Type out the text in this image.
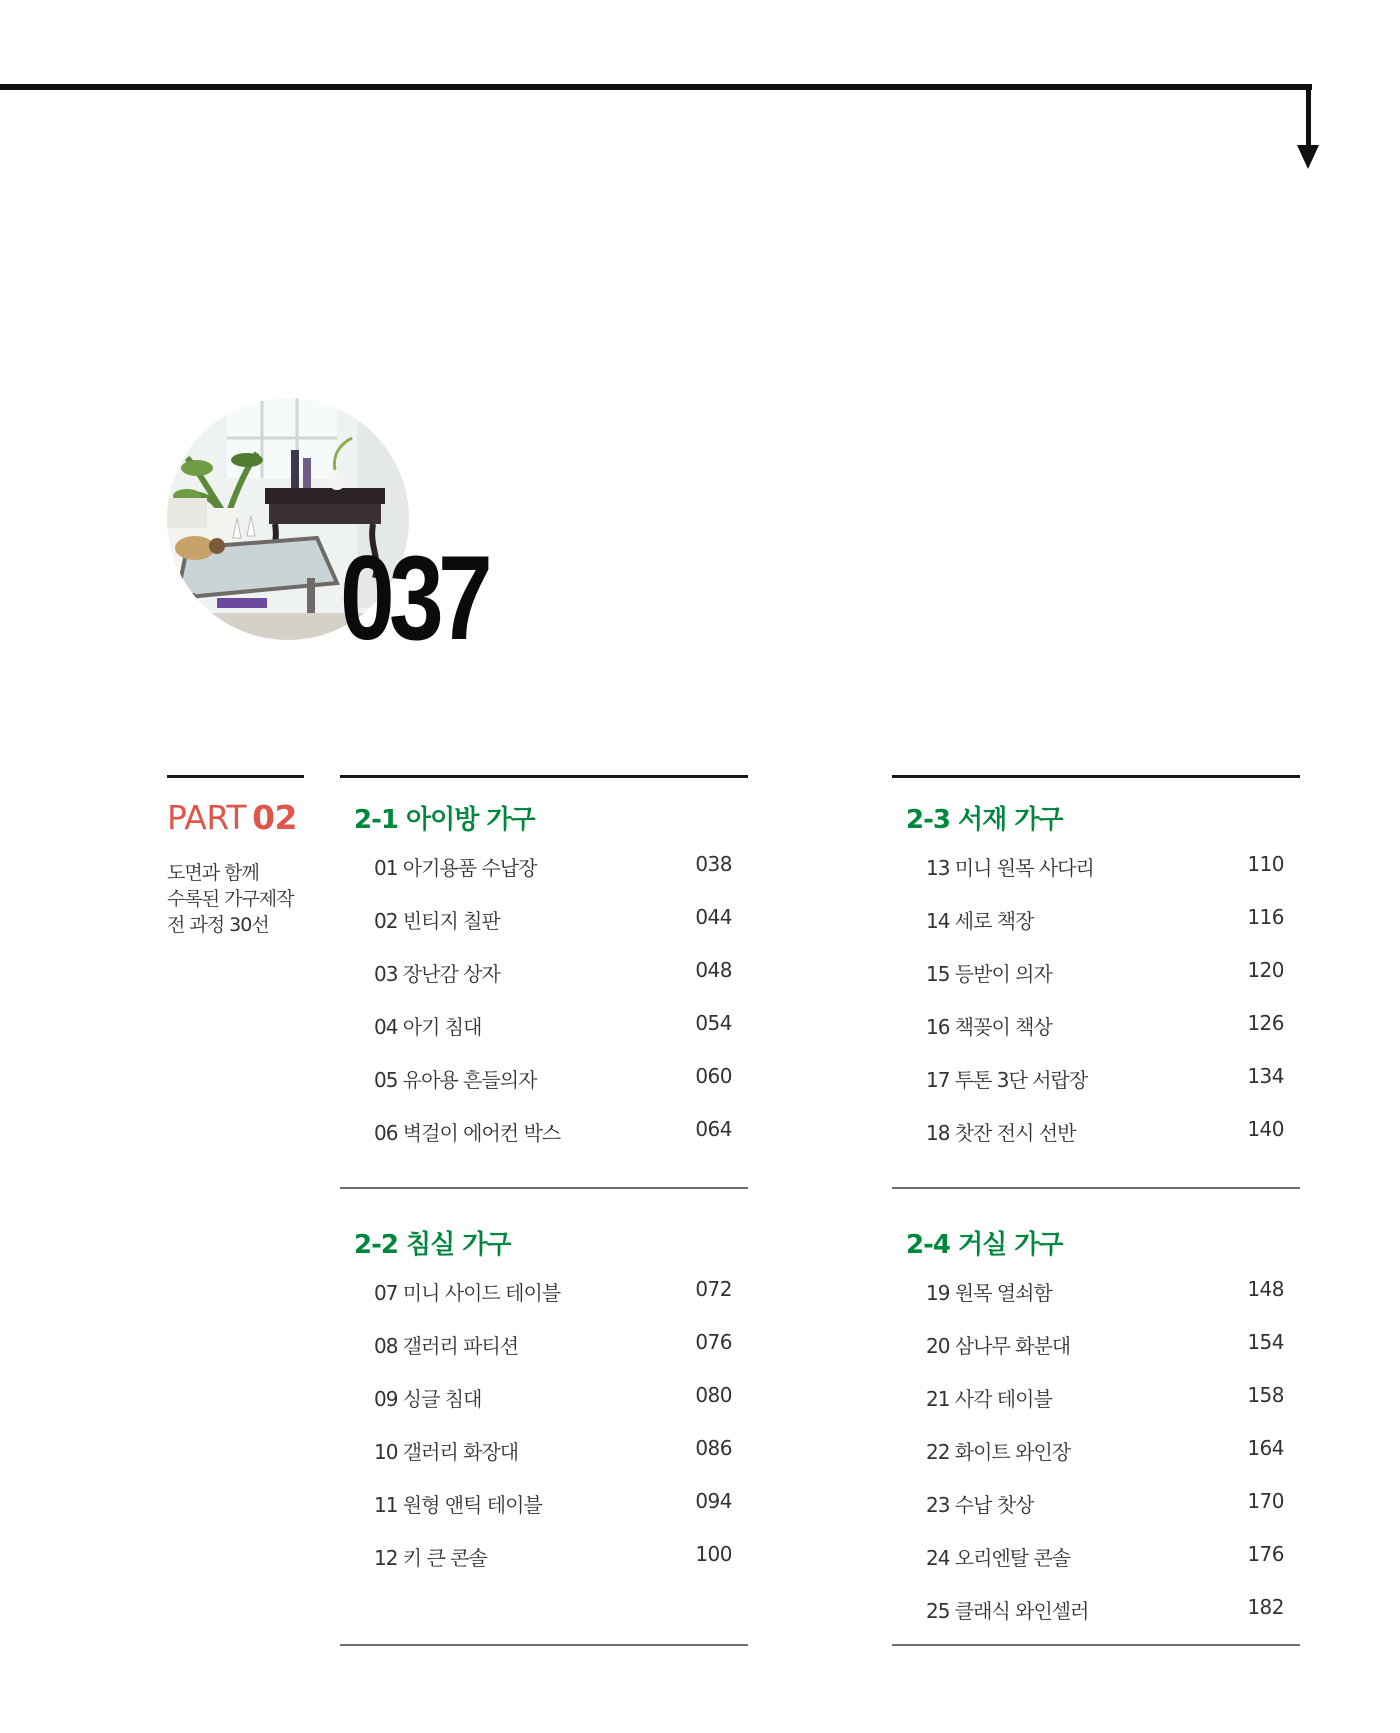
037
PART 02
도면과 함께
수록된 가구제작
전 과정 30선
2-1 아이방 가구
01 아기용품 수납장	038
02 빈티지 칠판	044
03 장난감 상자	048
04 아기 침대	054
05 유아용 흔들의자	060
06 벽걸이 에어컨 박스	064
2-2 침실 가구
07 미니 사이드 테이블	072
08 갤러리 파티션	076
09 싱글 침대	080
10 갤러리 화장대	086
11 원형 앤틱 테이블	094
12 키 큰 콘솔	100
2-3 서재 가구
13 미니 원목 사다리	110
14 세로 책장	116
15 등받이 의자	120
16 책꽂이 책상	126
17 투톤 3단 서랍장	134
18 찻잔 전시 선반	140
2-4 거실 가구
19 원목 열쇠함	148
20 삼나무 화분대	154
21 사각 테이블	158
22 화이트 와인장	164
23 수납 찻상	170
24 오리엔탈 콘솔	176
25 클래식 와인셀러	182
